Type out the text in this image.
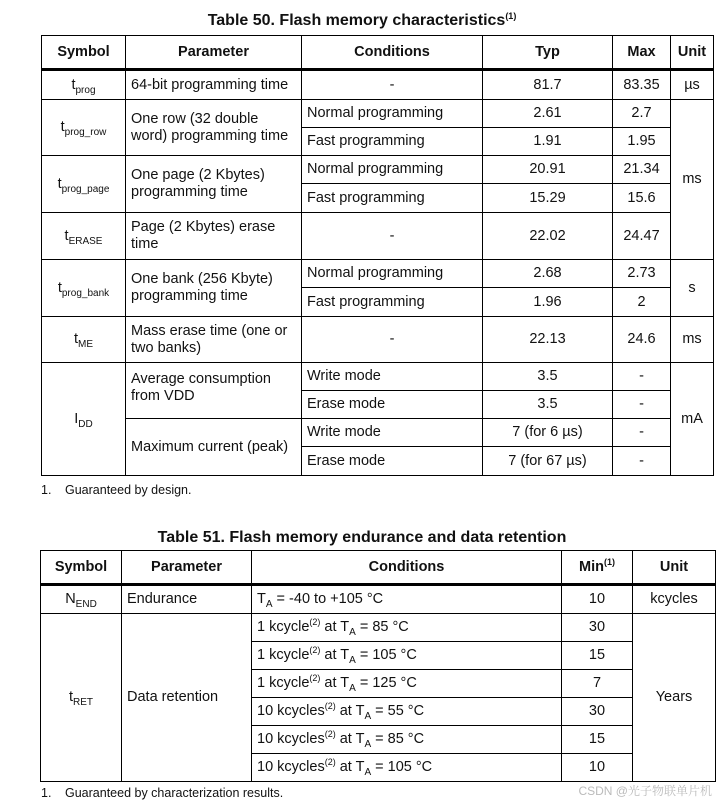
Table 50. Flash memory characteristics$^{(1)}$
Symbol	Parameter	Conditions	Typ	Max	Unit
$t_{prog}$	64-bit programming time	-	81.7	83.35	µs
$t_{prog\_row}$	One row (32 double word) programming time	Normal programming	2.61	2.7	ms
		Fast programming	1.91	1.95	
$t_{prog\_page}$	One page (2 Kbytes) programming time	Normal programming	20.91	21.34	
		Fast programming	15.29	15.6	
$t_{ERASE}$	Page (2 Kbytes) erase time	-	22.02	24.47	
$t_{prog\_bank}$	One bank (256 Kbyte) programming time	Normal programming	2.68	2.73	s
		Fast programming	1.96	2	
$t_{ME}$	Mass erase time (one or two banks)	-	22.13	24.6	ms
$I_{DD}$	Average consumption from VDD	Write mode	3.5	-	mA
		Erase mode	3.5	-	
	Maximum current (peak)	Write mode	7 (for 6 µs)	-	
		Erase mode	7 (for 67 µs)	-	
1. Guaranteed by design.
Table 51. Flash memory endurance and data retention
Symbol	Parameter	Conditions	Min$^{(1)}$	Unit
$N_{END}$	Endurance	$T_A = -40$ to +105 °C	10	kcycles
$t_{RET}$	Data retention	1 kcycle$^{(2)}$ at $T_A = 85$ °C	30	Years
		1 kcycle$^{(2)}$ at $T_A = 105$ °C	15	
		1 kcycle$^{(2)}$ at $T_A = 125$ °C	7	
		10 kcycles$^{(2)}$ at $T_A = 55$ °C	30	
		10 kcycles$^{(2)}$ at $T_A = 85$ °C	15	
		10 kcycles$^{(2)}$ at $T_A = 105$ °C	10	
1. Guaranteed by characterization results.	CSDN @光子物联单片机
